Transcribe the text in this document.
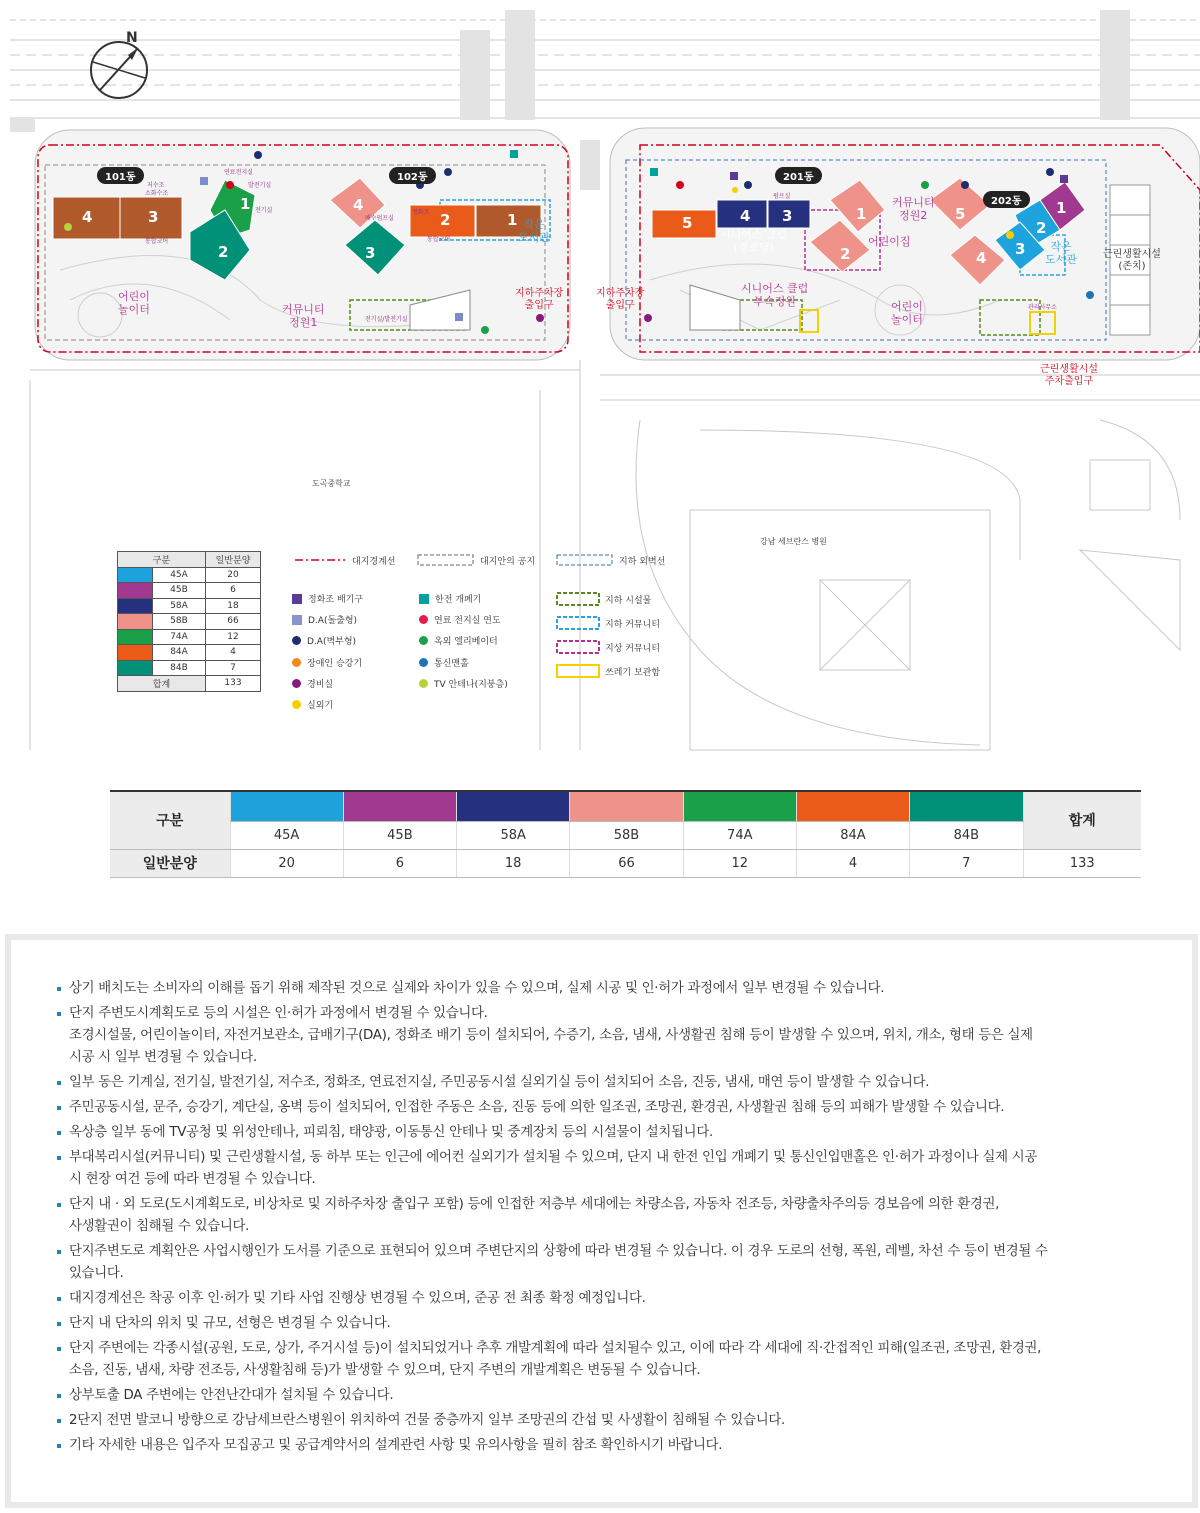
N
101동	102동	201동
202동
4	3
1
2
4
3
2	1	5	4 3	1
2
5	1
2
3
4
어린이
놀이터	커뮤니티
정원1
시니어스 클럽
(경로당)	어린이집
커뮤니티
정원2
시니어스 클럽
부속정원	어린이
놀이터
작은
도서관
작은
도서관
지하주차장
출입구
지하주차장
출입구
근린생활시설
주차출입구
근린생활시설
(존치)
도곡중학교
강남 세브란스 병원
연료전지실
저수조
소화수조
발전기실
전기실
통합코어
배수펌프실
정화조
전기실/발전기실
통합코어
펌프실
관리사무소
구분		일반분양
	45A	20
	45B	6
	58A	18
	58B	66
	74A	12
	84A	4
	84B	7
합계		133
대지경계선	대지안의 공지	지하 외벽선
정화조 배기구
D.A(돌출형)
D.A(벽부형)
장애인 승강기
경비실
실외기
한전 개폐기
연료 전지실 연도
옥외 엘리베이터
통신맨홀
TV 안테나(지붕층)
지하 시설물
지하 커뮤니티
지상 커뮤니티
쓰레기 보관함
구분								합계
	45A	45B	58A	58B	74A	84A	84B	
일반분양	20	6	18	66	12	4	7	133
상기 배치도는 소비자의 이해를 돕기 위해 제작된 것으로 실제와 차이가 있을 수 있으며, 실제 시공 및 인·허가 과정에서 일부 변경될 수 있습니다.
단지 주변도시계획도로 등의 시설은 인·허가 과정에서 변경될 수 있습니다.
조경시설물, 어린이놀이터, 자전거보관소, 급배기구(DA), 정화조 배기 등이 설치되어, 수증기, 소음, 냄새, 사생활권 침해 등이 발생할 수 있으며, 위치, 개소, 형태 등은 실제
시공 시 일부 변경될 수 있습니다.
일부 동은 기계실, 전기실, 발전기실, 저수조, 정화조, 연료전지실, 주민공동시설 실외기실 등이 설치되어 소음, 진동, 냄새, 매연 등이 발생할 수 있습니다.
주민공동시설, 문주, 승강기, 계단실, 옹벽 등이 설치되어, 인접한 주동은 소음, 진동 등에 의한 일조권, 조망권, 환경권, 사생활권 침해 등의 피해가 발생할 수 있습니다.
옥상층 일부 동에 TV공청 및 위성안테나, 피뢰침, 태양광, 이동통신 안테나 및 중계장치 등의 시설물이 설치됩니다.
부대복리시설(커뮤니티) 및 근린생활시설, 동 하부 또는 인근에 에어컨 실외기가 설치될 수 있으며, 단지 내 한전 인입 개폐기 및 통신인입맨홀은 인·허가 과정이나 실제 시공
시 현장 여건 등에 따라 변경될 수 있습니다.
단지 내 · 외 도로(도시계획도로, 비상차로 및 지하주차장 출입구 포함) 등에 인접한 저층부 세대에는 차량소음, 자동차 전조등, 차량출차주의등 경보음에 의한 환경권,
사생활권이 침해될 수 있습니다.
단지주변도로 계획안은 사업시행인가 도서를 기준으로 표현되어 있으며 주변단지의 상황에 따라 변경될 수 있습니다. 이 경우 도로의 선형, 폭원, 레벨, 차선 수 등이 변경될 수
있습니다.
대지경계선은 착공 이후 인·허가 및 기타 사업 진행상 변경될 수 있으며, 준공 전 최종 확정 예정입니다.
단지 내 단차의 위치 및 규모, 선형은 변경될 수 있습니다.
단지 주변에는 각종시설(공원, 도로, 상가, 주거시설 등)이 설치되었거나 추후 개발계획에 따라 설치될수 있고, 이에 따라 각 세대에 직·간접적인 피해(일조권, 조망권, 환경권,
소음, 진동, 냄새, 차량 전조등, 사생활침해 등)가 발생할 수 있으며, 단지 주변의 개발계획은 변동될 수 있습니다.
상부토출 DA 주변에는 안전난간대가 설치될 수 있습니다.
2단지 전면 발코니 방향으로 강남세브란스병원이 위치하여 건물 중층까지 일부 조망권의 간섭 및 사생활이 침해될 수 있습니다.
기타 자세한 내용은 입주자 모집공고 및 공급계약서의 설계관련 사항 및 유의사항을 필히 참조 확인하시기 바랍니다.
